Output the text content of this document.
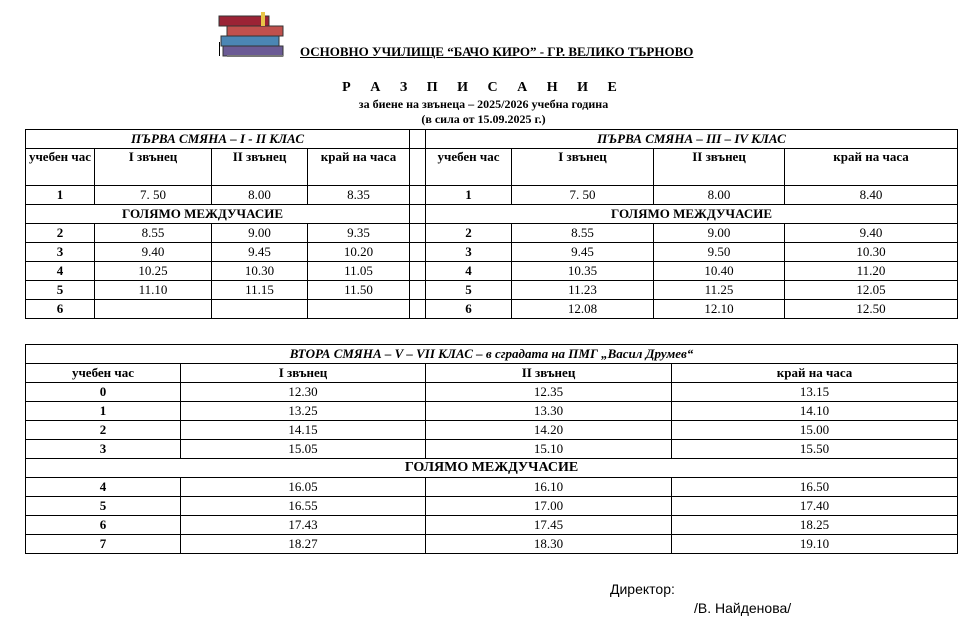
ОСНОВНО УЧИЛИЩЕ “БАЧО КИРО” - ГР. ВЕЛИКО ТЪРНОВО
Р А З П И С А Н И Е
за биене на звънеца – 2025/2026 учебна година
(в сила от 15.09.2025 г.)
ПЪРВА СМЯНА – I - II КЛАС					ПЪРВА СМЯНА – III – IV КЛАС			
учебен час	I звънец	II звънец	край на часа		учебен час	I звънец	II звънец	край на часа
1	7. 50	8.00	8.35		1	7. 50	8.00	8.40
ГОЛЯМО МЕЖДУЧАСИЕ					ГОЛЯМО МЕЖДУЧАСИЕ			
2	8.55	9.00	9.35		2	8.55	9.00	9.40
3	9.40	9.45	10.20		3	9.45	9.50	10.30
4	10.25	10.30	11.05		4	10.35	10.40	11.20
5	11.10	11.15	11.50		5	11.23	11.25	12.05
6					6	12.08	12.10	12.50
ВТОРА СМЯНА – V – VII КЛАС – в сградата на ПМГ „Васил Друмев“			
учебен час	I звънец	II звънец	край на часа
0	12.30	12.35	13.15
1	13.25	13.30	14.10
2	14.15	14.20	15.00
3	15.05	15.10	15.50
ГОЛЯМО МЕЖДУЧАСИЕ			
4	16.05	16.10	16.50
5	16.55	17.00	17.40
6	17.43	17.45	18.25
7	18.27	18.30	19.10
Директор:
/В. Найденова/
